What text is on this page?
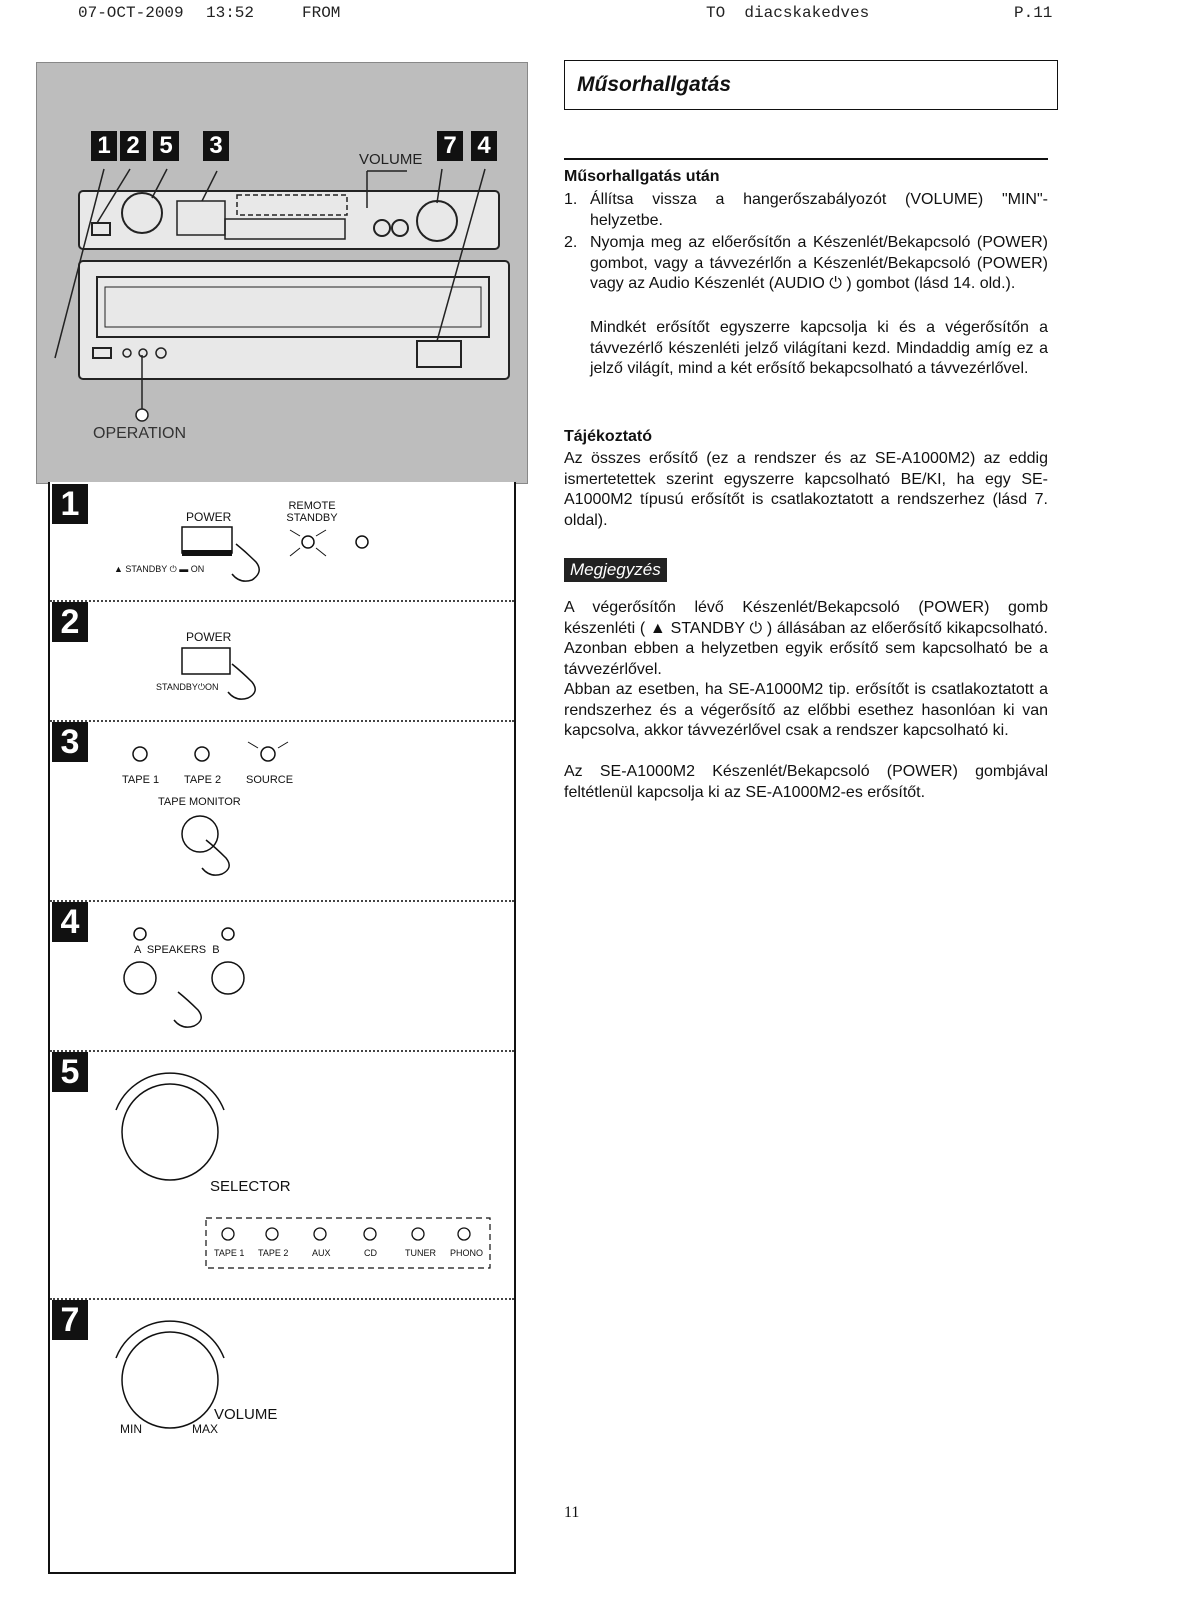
07-OCT-2009 13:52	FROM	TO  diacskakedves	P.11
1 2 5 3	7 4
VOLUME
OPERATION
1	POWER
REMOTE STANDBY
▲ STANDBY ⏻ ▬ ON
2	POWER
STANDBY⏻ON
3
TAPE 1 TAPE 2 SOURCE
TAPE MONITOR
4
A  SPEAKERS  B
5
SELECTOR
TAPE 1 TAPE 2	AUX	CD	TUNER PHONO
7
VOLUME
MIN	MAX
Műsorhallgatás
Műsorhallgatás után
1. Állítsa vissza a hangerőszabályozót (VOLUME) "MIN"-helyzetbe.
2. Nyomja meg az előerősítőn a Készenlét/Bekapcsoló (POWER) gombot, vagy a távvezérlőn a Készenlét/Bekapcsoló (POWER) vagy az Audio Készenlét (AUDIO ⏻ ) gombot (lásd 14. old.).
Mindkét erősítőt egyszerre kapcsolja ki és a végerősítőn a távvezérlő készenléti jelző világítani kezd. Mindaddig amíg ez a jelző világít, mind a két erősítő bekapcsolható a távvezérlővel.
Tájékoztató
Az összes erősítő (ez a rendszer és az SE-A1000M2) az eddig ismertetettek szerint egyszerre kapcsolható BE/KI, ha egy SE-A1000M2 típusú erősítőt is csatlakoztatott a rendszerhez (lásd 7. oldal).
Megjegyzés
A végerősítőn lévő Készenlét/Bekapcsoló (POWER) gomb készenléti ( ▲ STANDBY ⏻ ) állásában az előerősítő kikapcsolható. Azonban ebben a helyzetben egyik erősítő sem kapcsolható be a távvezérlővel.
Abban az esetben, ha SE-A1000M2 tip. erősítőt is csatlakoztatott a rendszerhez és a végerősítő az előbbi esethez hasonlóan ki van kapcsolva, akkor távvezérlővel csak a rendszer kapcsolható ki.
Az SE-A1000M2 Készenlét/Bekapcsoló (POWER) gombjával feltétlenül kapcsolja ki az SE-A1000M2-es erősítőt.
11
